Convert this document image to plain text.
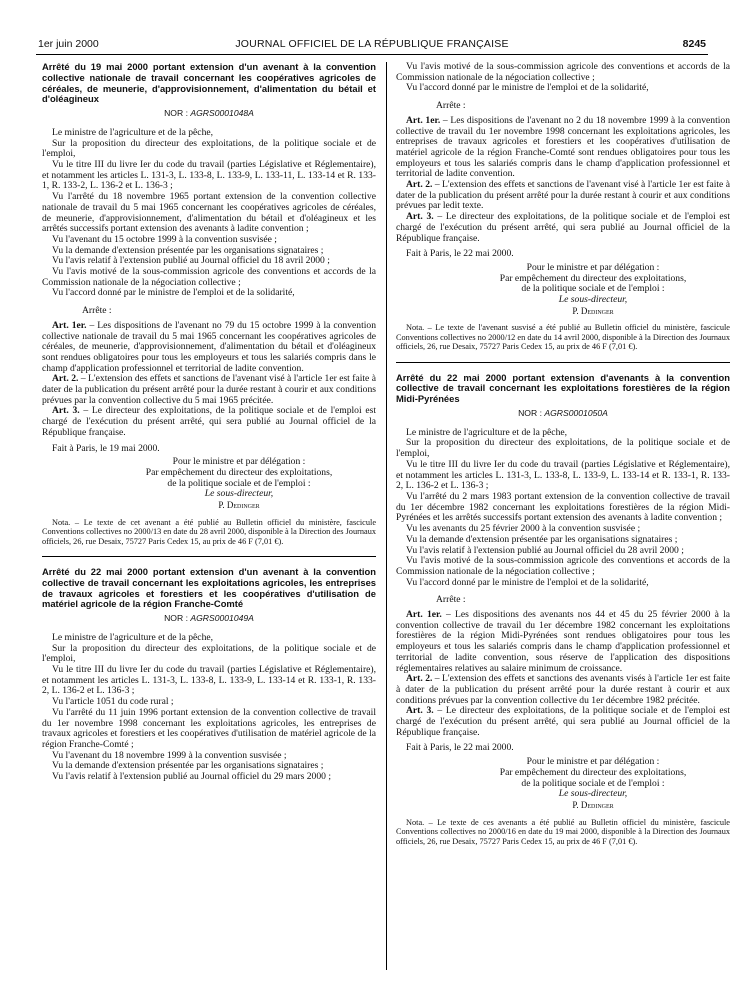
1er juin 2000	JOURNAL OFFICIEL DE LA RÉPUBLIQUE FRANÇAISE	8245

Arrêté du 19 mai 2000 portant extension d'un avenant à la convention collective nationale de travail concernant les coopératives agricoles de céréales, de meunerie, d'approvisionnement, d'alimentation du bétail et d'oléagineux

NOR : AGRS0001048A

Le ministre de l'agriculture et de la pêche,

Sur la proposition du directeur des exploitations, de la politique sociale et de l'emploi,

Vu le titre III du livre Ier du code du travail (parties Législative et Réglementaire), et notamment les articles L. 131-3, L. 133-8, L. 133-9, L. 133-11, L. 133-14 et R. 133-1, R. 133-2, L. 136-2 et L. 136-3 ;

Vu l'arrêté du 18 novembre 1965 portant extension de la convention collective nationale de travail du 5 mai 1965 concernant les coopératives agricoles de céréales, de meunerie, d'approvisionnement, d'alimentation du bétail et d'oléagineux et les arrêtés successifs portant extension des avenants à ladite convention ;

Vu l'avenant du 15 octobre 1999 à la convention susvisée ;

Vu la demande d'extension présentée par les organisations signataires ;

Vu l'avis relatif à l'extension publié au Journal officiel du 18 avril 2000 ;

Vu l'avis motivé de la sous-commission agricole des conventions et accords de la Commission nationale de la négociation collective ;

Vu l'accord donné par le ministre de l'emploi et de la solidarité,

Arrête :

Art. 1er. – Les dispositions de l'avenant no 79 du 15 octobre 1999 à la convention collective nationale de travail du 5 mai 1965 concernant les coopératives agricoles de céréales, de meunerie, d'approvisionnement, d'alimentation du bétail et d'oléagineux sont rendues obligatoires pour tous les employeurs et tous les salariés compris dans le champ d'application professionnel et territorial de ladite convention.

Art. 2. – L'extension des effets et sanctions de l'avenant visé à l'article 1er est faite à dater de la publication du présent arrêté pour la durée restant à courir et aux conditions prévues par la convention collective du 5 mai 1965 précitée.

Art. 3. – Le directeur des exploitations, de la politique sociale et de l'emploi est chargé de l'exécution du présent arrêté, qui sera publié au Journal officiel de la République française.

Fait à Paris, le 19 mai 2000.

Pour le ministre et par délégation :
Par empêchement du directeur des exploitations,
de la politique sociale et de l'emploi :
Le sous-directeur,
P. Dedinger

Nota. – Le texte de cet avenant a été publié au Bulletin officiel du ministère, fascicule Conventions collectives no 2000/13 en date du 28 avril 2000, disponible à la Direction des Journaux officiels, 26, rue Desaix, 75727 Paris Cedex 15, au prix de 46 F (7,01 €).

Arrêté du 22 mai 2000 portant extension d'un avenant à la convention collective de travail concernant les exploitations agricoles, les entreprises de travaux agricoles et forestiers et les coopératives d'utilisation de matériel agricole de la région Franche-Comté

NOR : AGRS0001049A

Le ministre de l'agriculture et de la pêche,

Sur la proposition du directeur des exploitations, de la politique sociale et de l'emploi,

Vu le titre III du livre Ier du code du travail (parties Législative et Réglementaire), et notamment les articles L. 131-3, L. 133-8, L. 133-9, L. 133-14 et R. 133-1, R. 133-2, L. 136-2 et L. 136-3 ;

Vu l'article 1051 du code rural ;

Vu l'arrêté du 11 juin 1996 portant extension de la convention collective de travail du 1er novembre 1998 concernant les exploitations agricoles, les entreprises de travaux agricoles et forestiers et les coopératives d'utilisation de matériel agricole de la région Franche-Comté ;

Vu l'avenant du 18 novembre 1999 à la convention susvisée ;

Vu la demande d'extension présentée par les organisations signataires ;

Vu l'avis relatif à l'extension publié au Journal officiel du 29 mars 2000 ;

Vu l'avis motivé de la sous-commission agricole des conventions et accords de la Commission nationale de la négociation collective ;

Vu l'accord donné par le ministre de l'emploi et de la solidarité,

Arrête :

Art. 1er. – Les dispositions de l'avenant no 2 du 18 novembre 1999 à la convention collective de travail du 1er novembre 1998 concernant les exploitations agricoles, les entreprises de travaux agricoles et forestiers et les coopératives d'utilisation de matériel agricole de la région Franche-Comté sont rendues obligatoires pour tous les employeurs et tous les salariés compris dans le champ d'application professionnel et territorial de ladite convention.

Art. 2. – L'extension des effets et sanctions de l'avenant visé à l'article 1er est faite à dater de la publication du présent arrêté pour la durée restant à courir et aux conditions prévues par ledit texte.

Art. 3. – Le directeur des exploitations, de la politique sociale et de l'emploi est chargé de l'exécution du présent arrêté, qui sera publié au Journal officiel de la République française.

Fait à Paris, le 22 mai 2000.

Pour le ministre et par délégation :
Par empêchement du directeur des exploitations,
de la politique sociale et de l'emploi :
Le sous-directeur,
P. Dedinger

Nota. – Le texte de l'avenant susvisé a été publié au Bulletin officiel du ministère, fascicule Conventions collectives no 2000/12 en date du 14 avril 2000, disponible à la Direction des Journaux officiels, 26, rue Desaix, 75727 Paris Cedex 15, au prix de 46 F (7,01 €).

Arrêté du 22 mai 2000 portant extension d'avenants à la convention collective de travail concernant les exploitations forestières de la région Midi-Pyrénées

NOR : AGRS0001050A

Le ministre de l'agriculture et de la pêche,

Sur la proposition du directeur des exploitations, de la politique sociale et de l'emploi,

Vu le titre III du livre Ier du code du travail (parties Législative et Réglementaire), et notamment les articles L. 131-3, L. 133-8, L. 133-9, L. 133-14 et R. 133-1, R. 133-2, L. 136-2 et L. 136-3 ;

Vu l'arrêté du 2 mars 1983 portant extension de la convention collective de travail du 1er décembre 1982 concernant les exploitations forestières de la région Midi-Pyrénées et les arrêtés successifs portant extension des avenants à ladite convention ;

Vu les avenants du 25 février 2000 à la convention susvisée ;

Vu la demande d'extension présentée par les organisations signataires ;

Vu l'avis relatif à l'extension publié au Journal officiel du 28 avril 2000 ;

Vu l'avis motivé de la sous-commission agricole des conventions et accords de la Commission nationale de la négociation collective ;

Vu l'accord donné par le ministre de l'emploi et de la solidarité,

Arrête :

Art. 1er. – Les dispositions des avenants nos 44 et 45 du 25 février 2000 à la convention collective de travail du 1er décembre 1982 concernant les exploitations forestières de la région Midi-Pyrénées sont rendues obligatoires pour tous les employeurs et tous les salariés compris dans le champ d'application professionnel et territorial de ladite convention, sous réserve de l'application des dispositions réglementaires relatives au salaire minimum de croissance.

Art. 2. – L'extension des effets et sanctions des avenants visés à l'article 1er est faite à dater de la publication du présent arrêté pour la durée restant à courir et aux conditions prévues par la convention collective du 1er décembre 1982 précitée.

Art. 3. – Le directeur des exploitations, de la politique sociale et de l'emploi est chargé de l'exécution du présent arrêté, qui sera publié au Journal officiel de la République française.

Fait à Paris, le 22 mai 2000.

Pour le ministre et par délégation :
Par empêchement du directeur des exploitations,
de la politique sociale et de l'emploi :
Le sous-directeur,
P. Dedinger

Nota. – Le texte de ces avenants a été publié au Bulletin officiel du ministère, fascicule Conventions collectives no 2000/16 en date du 19 mai 2000, disponible à la Direction des Journaux officiels, 26, rue Desaix, 75727 Paris Cedex 15, au prix de 46 F (7,01 €).
